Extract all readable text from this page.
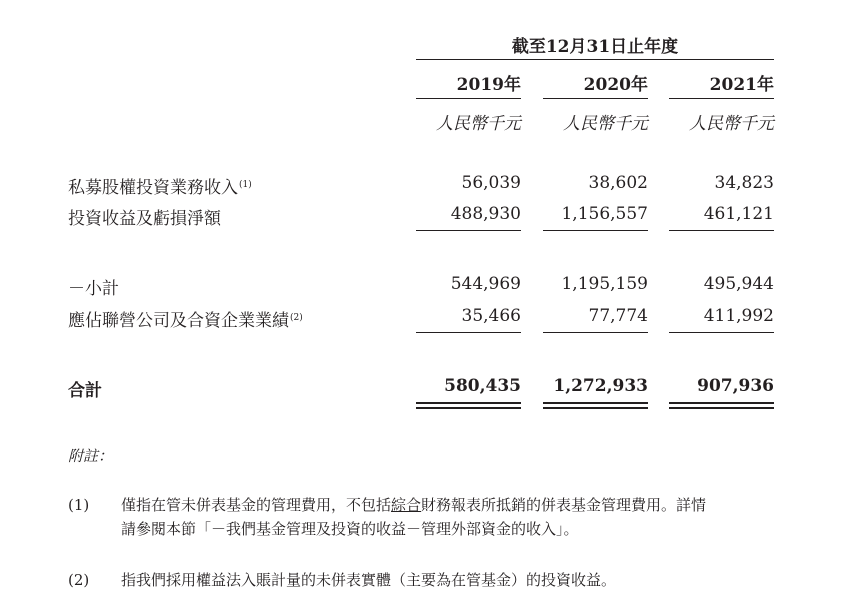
截至12月31日止年度
2019年	2020年	2021年
人民幣千元	人民幣千元	人民幣千元
私募股權投資業務收入$^{(1)}$	56,039	38,602	34,823
投資收益及虧損淨額	488,930	1,156,557	461,121
－小計	544,969	1,195,159	495,944
應佔聯營公司及合資企業業績$^{(2)}$	35,466	77,774	411,992
合計	580,435	1,272,933	907,936
附註：
(1) 僅指在管未併表基金的管理費用，不包括綜合財務報表所抵銷的併表基金管理費用。詳情
請參閱本節「－我們基金管理及投資的收益－管理外部資金的收入」。
(2) 指我們採用權益法入賬計量的未併表實體（主要為在管基金）的投資收益。
